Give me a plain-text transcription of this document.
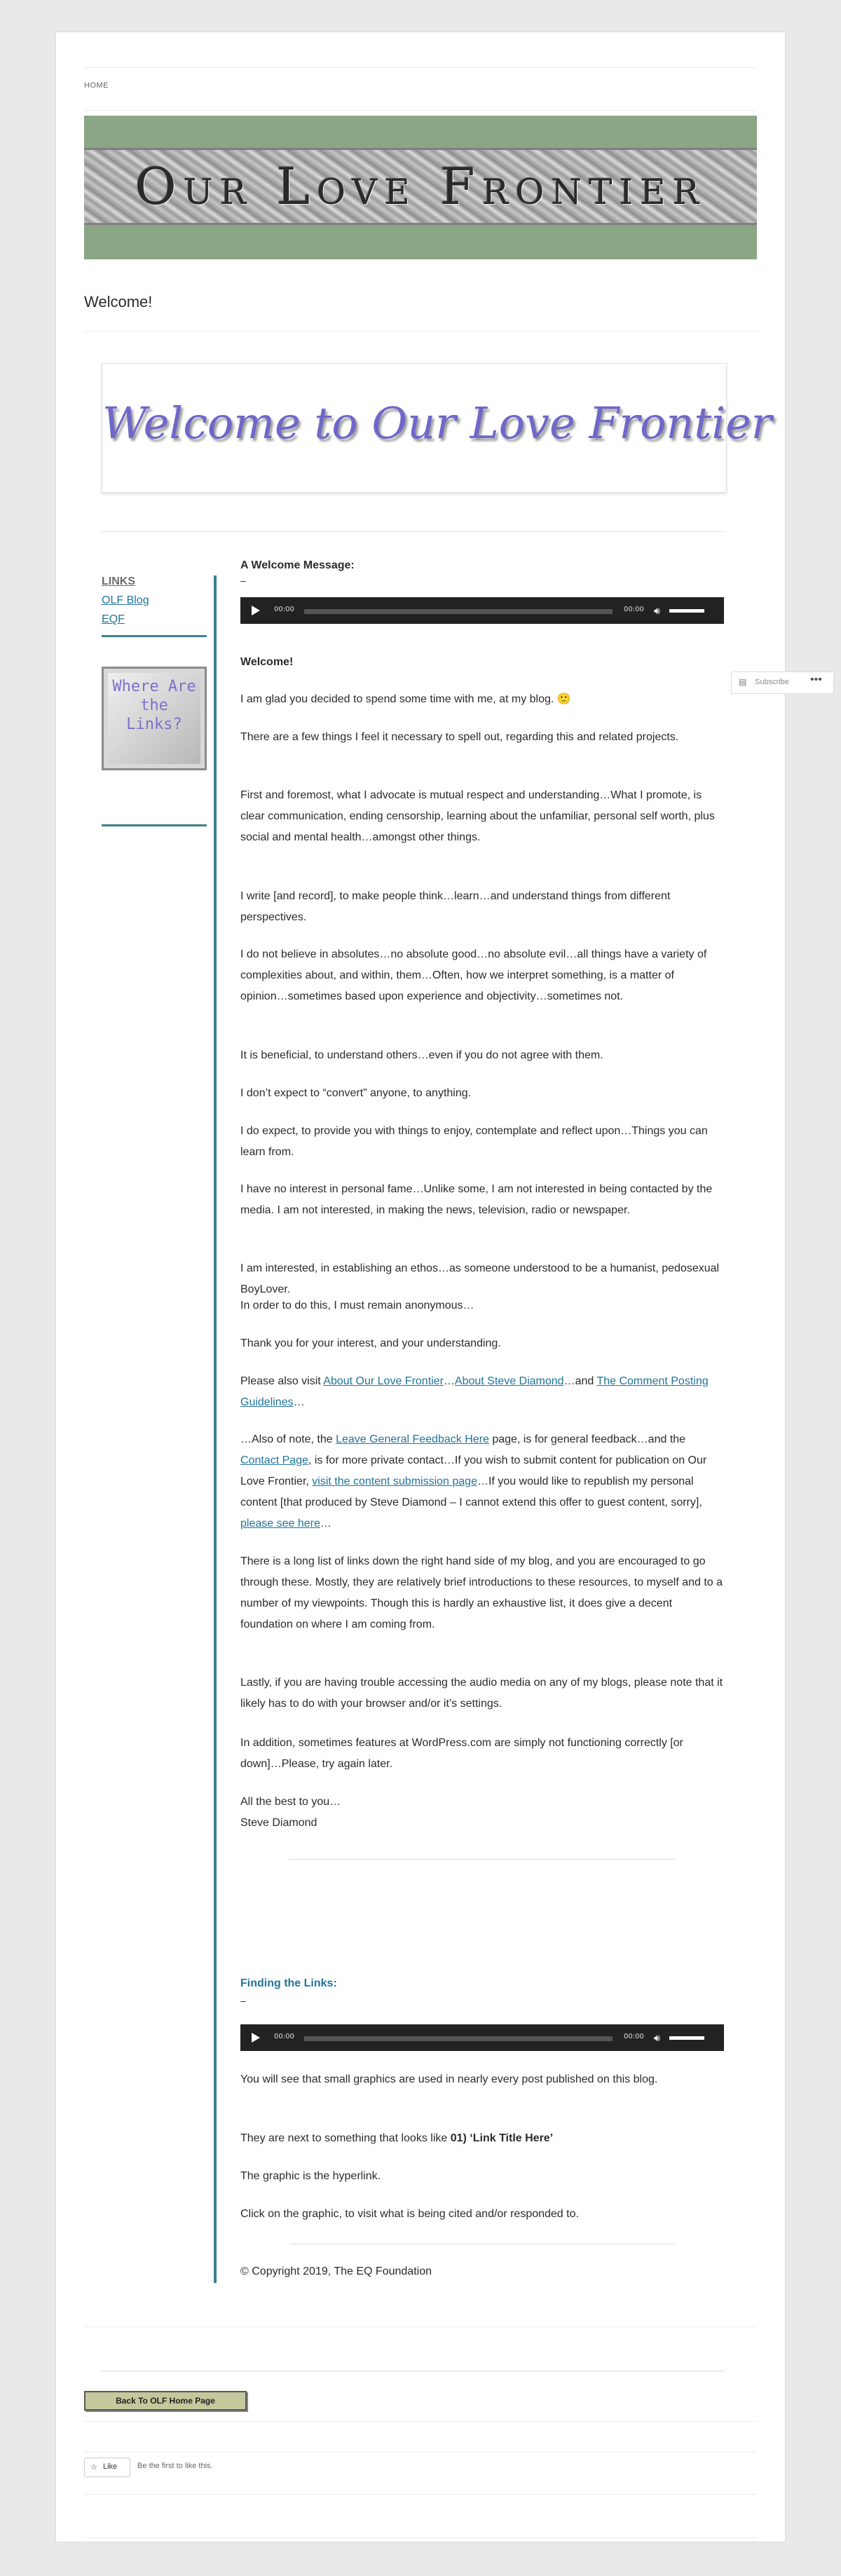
HOME
Our Love Frontier
Welcome!
Welcome to Our Love Frontier
LINKS
OLF Blog
EQF
Where Are the Links?
A Welcome Message:
–
00:00	00:00 🔊︎
Welcome!

I am glad you decided to spend some time with me, at my blog. 🙂

There are a few things I feel it necessary to spell out, regarding this and related projects.

First and foremost, what I advocate is mutual respect and understanding…What I promote, is clear communication, ending censorship, learning about the unfamiliar, personal self worth, plus social and mental health…amongst other things.

I write [and record], to make people think…learn…and understand things from different perspectives.

I do not believe in absolutes…no absolute good…no absolute evil…all things have a variety of complexities about, and within, them…Often, how we interpret something, is a matter of opinion…sometimes based upon experience and objectivity…sometimes not.

It is beneficial, to understand others…even if you do not agree with them.

I don’t expect to “convert” anyone, to anything.

I do expect, to provide you with things to enjoy, contemplate and reflect upon…Things you can learn from.

I have no interest in personal fame…Unlike some, I am not interested in being contacted by the media. I am not interested, in making the news, television, radio or newspaper.

I am interested, in establishing an ethos…as someone understood to be a humanist, pedosexual BoyLover.

In order to do this, I must remain anonymous…

Thank you for your interest, and your understanding.

Please also visit About Our Love Frontier…About Steve Diamond…and The Comment Posting Guidelines…

…Also of note, the Leave General Feedback Here page, is for general feedback…and the Contact Page, is for more private contact…If you wish to submit content for publication on Our Love Frontier, visit the content submission page…If you would like to republish my personal content [that produced by Steve Diamond – I cannot extend this offer to guest content, sorry], please see here…

There is a long list of links down the right hand side of my blog, and you are encouraged to go through these. Mostly, they are relatively brief introductions to these resources, to myself and to a number of my viewpoints. Though this is hardly an exhaustive list, it does give a decent foundation on where I am coming from.

Lastly, if you are having trouble accessing the audio media on any of my blogs, please note that it likely has to do with your browser and/or it’s settings.

In addition, sometimes features at WordPress.com are simply not functioning correctly [or down]…Please, try again later.

All the best to you…

Steve Diamond

Finding the Links:
–
00:00	00:00 🔊︎

You will see that small graphics are used in nearly every post published on this blog.

They are next to something that looks like 01) ‘Link Title Here’

The graphic is the hyperlink.

Click on the graphic, to visit what is being cited and/or responded to.

© Copyright 2019, The EQ Foundation

Back To OLF Home Page
☆ Like	Be the first to like this.
▤ Subscribe •••
